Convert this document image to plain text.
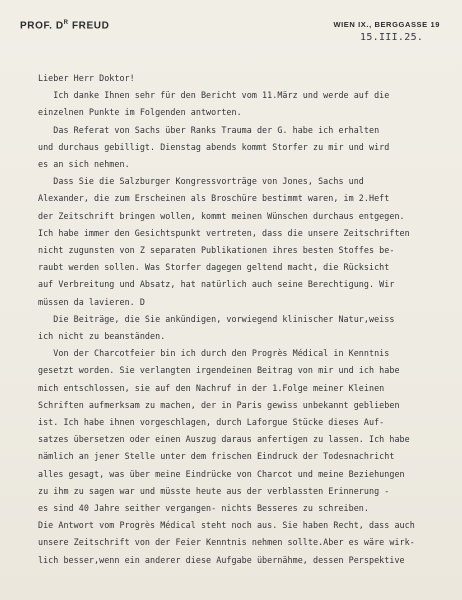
PROF. $D^R$ FREUD	WIEN IX., BERGGASSE 19
15.III.25.
Lieber Herr Doktor!
Ich danke Ihnen sehr für den Bericht vom 11.März und werde auf die
einzelnen Punkte im Folgenden antworten.
Das Referat von Sachs über Ranks Trauma der G. habe ich erhalten
und durchaus gebilligt. Dienstag abends kommt Storfer zu mir und wird
es an sich nehmen.
Dass Sie die Salzburger Kongressvorträge von Jones, Sachs und
Alexander, die zum Erscheinen als Broschüre bestimmt waren, im 2.Heft
der Zeitschrift bringen wollen, kommt meinen Wünschen durchaus entgegen.
Ich habe immer den Gesichtspunkt vertreten, dass die unsere Zeitschriften
nicht zugunsten von Z separaten Publikationen ihres besten Stoffes be-
raubt werden sollen. Was Storfer dagegen geltend macht, die Rücksicht
auf Verbreitung und Absatz, hat natürlich auch seine Berechtigung. Wir
müssen da lavieren. D
Die Beiträge, die Sie ankündigen, vorwiegend klinischer Natur,weiss
ich nicht zu beanständen.
Von der Charcotfeier bin ich durch den Progrès Médical in Kenntnis
gesetzt worden. Sie verlangten irgendeinen Beitrag von mir und ich habe
mich entschlossen, sie auf den Nachruf in der 1.Folge meiner Kleinen
Schriften aufmerksam zu machen, der in Paris gewiss unbekannt geblieben
ist. Ich habe ihnen vorgeschlagen, durch Laforgue Stücke dieses Auf-
satzes übersetzen oder einen Auszug daraus anfertigen zu lassen. Ich habe
nämlich an jener Stelle unter dem frischen Eindruck der Todesnachricht
alles gesagt, was über meine Eindrücke von Charcot und meine Beziehungen
zu ihm zu sagen war und müsste heute aus der verblassten Erinnerung -
es sind 40 Jahre seither vergangen- nichts Besseres zu schreiben.
Die Antwort vom Progrès Médical steht noch aus. Sie haben Recht, dass auch
unsere Zeitschrift von der Feier Kenntnis nehmen sollte.Aber es wäre wirk-
lich besser,wenn ein anderer diese Aufgabe übernähme, dessen Perspektive
